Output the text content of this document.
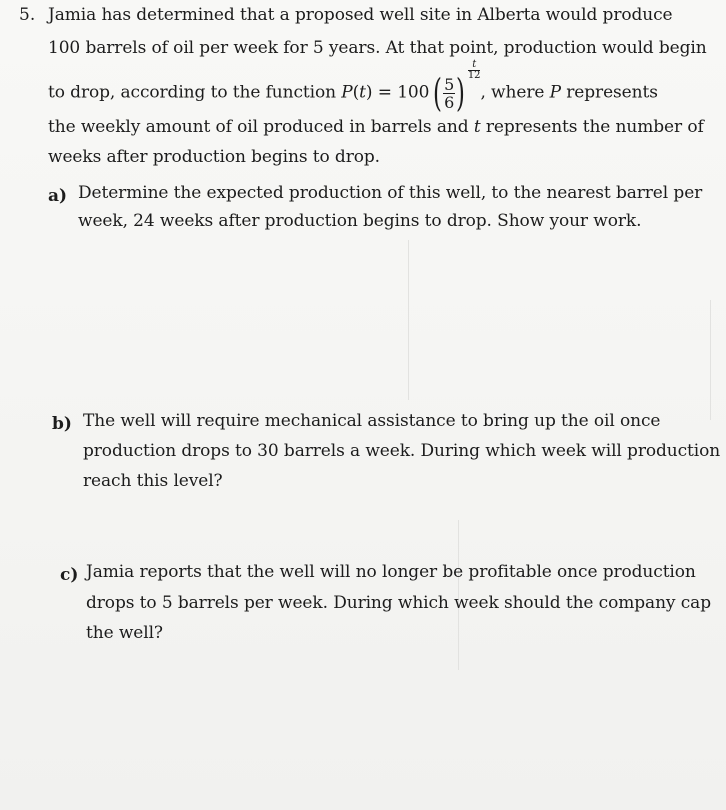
5. Jamia has determined that a proposed well site in Alberta would produce
100 barrels of oil per week for 5 years. At that point, production would begin
to drop, according to the function P(t) = 100 ( $\frac{5}{6}$ )
$\frac{t}{12}$
, where P represents
the weekly amount of oil produced in barrels and t represents the number of
weeks after production begins to drop.
a) Determine the expected production of this well, to the nearest barrel per
week, 24 weeks after production begins to drop. Show your work.
b) The well will require mechanical assistance to bring up the oil once
production drops to 30 barrels a week. During which week will production
reach this level?
c) Jamia reports that the well will no longer be profitable once production
drops to 5 barrels per week. During which week should the company cap
the well?
